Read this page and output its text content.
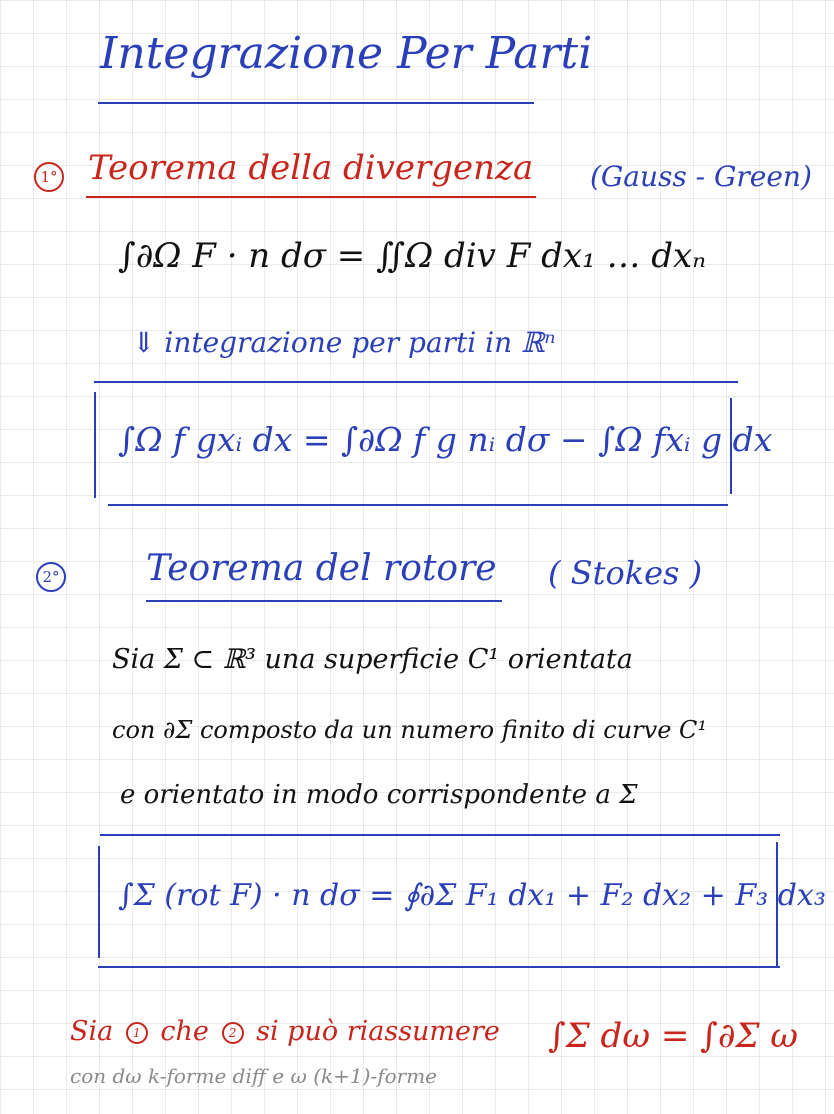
Integrazione Per Parti
1° Teorema della divergenza (Gauss - Green)
∫∂Ω F · n dσ = ∬Ω div F dx₁ … dxₙ
⇓ integrazione per parti in ℝⁿ
∫Ω f gxᵢ dx = ∫∂Ω f g nᵢ dσ − ∫Ω fxᵢ g dx
2° Teorema del rotore ( Stokes )
Sia Σ ⊂ ℝ³ una superficie C¹ orientata
con ∂Σ composto da un numero finito di curve C¹
e orientato in modo corrispondente a Σ
∫Σ (rot F) · n dσ = ∮∂Σ F₁ dx₁ + F₂ dx₂ + F₃ dx₃
Sia 1 che 2 si può riassumere ∫Σ dω = ∫∂Σ ω
con dω k-forme diff e ω (k+1)-forme
